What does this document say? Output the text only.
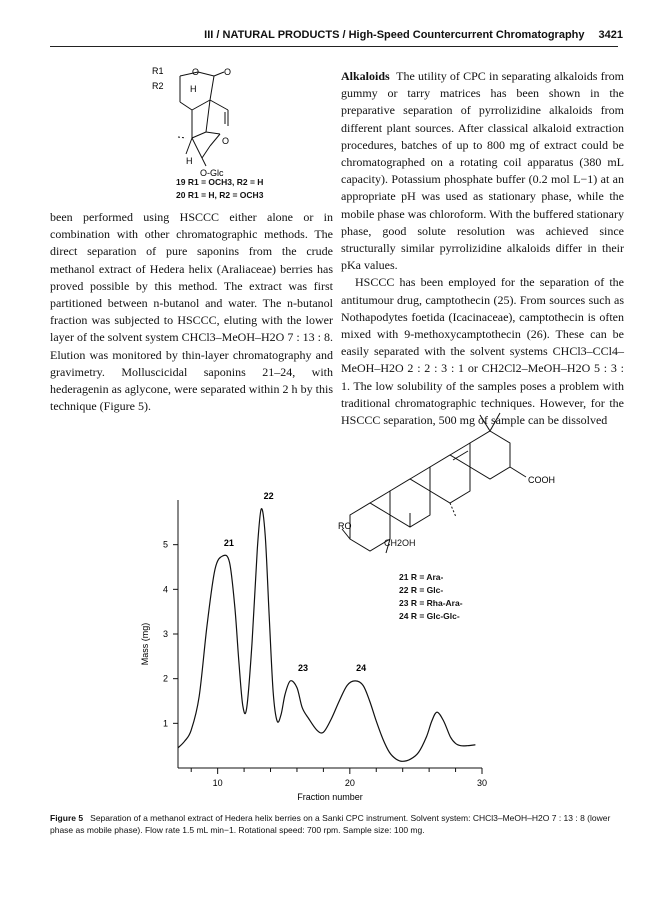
III / NATURAL PRODUCTS / High-Speed Countercurrent Chromatography 3421
R1
R2	H
O
O
O
H
O-Glc
19 R1 = OCH3, R2 = H
20 R1 = H, R2 = OCH3

been performed using HSCCC either alone or in combination with other chromatographic methods. The direct separation of pure saponins from the crude methanol extract of Hedera helix (Araliaceae) berries has proved possible by this method. The extract was first partitioned between n-butanol and water. The n-butanol fraction was subjected to HSCCC, eluting with the lower layer of the solvent system CHCl3–MeOH–H2O 7 : 13 : 8. Elution was monitored by thin-layer chromatography and gravimetry. Molluscicidal saponins 21–24, with hederagenin as aglycone, were separated within 2 h by this technique (Figure 5).

Alkaloids The utility of CPC in separating alkaloids from gummy or tarry matrices has been shown in the preparative separation of pyrrolizidine alkaloids from different plant sources. After classical alkaloid extraction procedures, batches of up to 800 mg of extract could be chromatographed on a rotating coil apparatus (380 mL capacity). Potassium phosphate buffer (0.2 mol L−1) at an appropriate pH was used as stationary phase, while the mobile phase was chloroform. With the buffered stationary phase, good solute resolution was achieved since structurally similar pyrrolizidine alkaloids differ in their pKa values.

HSCCC has been employed for the separation of the antitumour drug, camptothecin (25). From sources such as Nothapodytes foetida (Icacinaceae), camptothecin is often mixed with 9-methoxycamptothecin (26). These can be easily separated with the solvent systems CHCl3–CCl4–MeOH–H2O 2 : 2 : 3 : 1 or CH2Cl2–MeOH–H2O 5 : 3 : 1. The low solubility of the samples poses a problem with traditional chromatographic techniques. However, for the HSCCC separation, 500 mg of sample can be dissolved

COOH
RO
CH2OH
21 R = Ara-
22 R = Glc-
23 R = Rha-Ara-
24 R = Glc-Glc-
10	20	30
1
2
3
4
5	21
22
23	24
Fraction number
Mass (mg)
Figure 5 Separation of a methanol extract of Hedera helix berries on a Sanki CPC instrument. Solvent system: CHCl3–MeOH–H2O 7 : 13 : 8 (lower phase as mobile phase). Flow rate 1.5 mL min−1. Rotational speed: 700 rpm. Sample size: 100 mg.
